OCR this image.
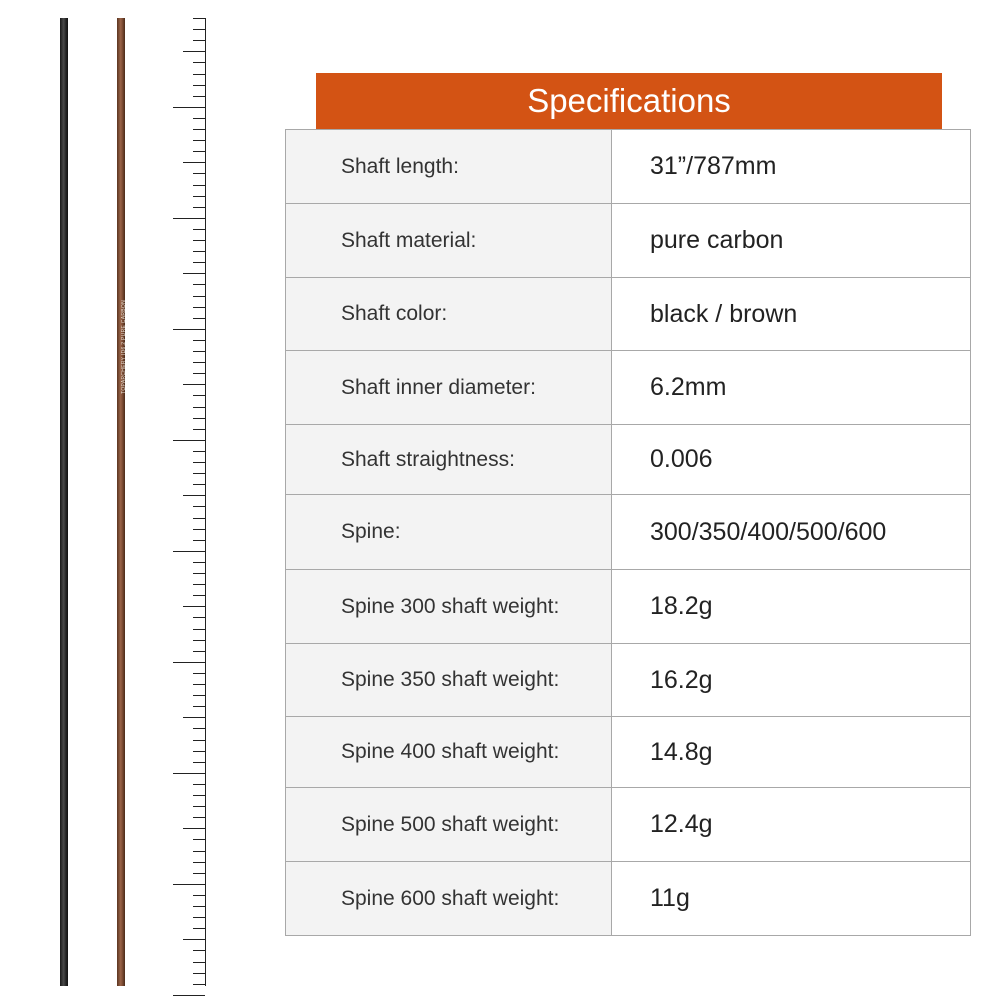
TOPARCHERY ID6.2 PURE CARBON
Specifications
Shaft length:	31”/787mm
Shaft material:	pure carbon
Shaft color:	black / brown
Shaft inner diameter:	6.2mm
Shaft straightness:	0.006
Spine:	300/350/400/500/600
Spine 300 shaft weight:	18.2g
Spine 350 shaft weight:	16.2g
Spine 400 shaft weight:	14.8g
Spine 500 shaft weight:	12.4g
Spine 600 shaft weight:	11g
